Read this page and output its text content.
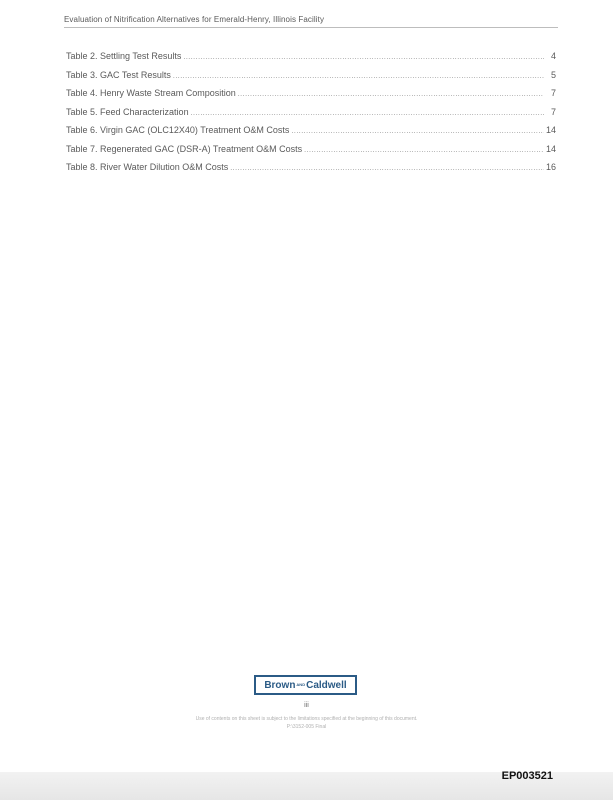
Evaluation of Nitrification Alternatives for Emerald-Henry, Illinois Facility
Table 2. Settling Test Results .....	4
Table 3. GAC Test Results .....	5
Table 4. Henry Waste Stream Composition .....	7
Table 5. Feed Characterization .....	7
Table 6. Virgin GAC (OLC12X40) Treatment O&M Costs .....	14
Table 7. Regenerated GAC (DSR-A) Treatment O&M Costs .....	14
Table 8. River Water Dilution O&M Costs .....	16
BrownANDCaldwell
iii
Use of contents on this sheet is subject to the limitations specified at the beginning of this document.
P:\3152-005 Final
EP003521
